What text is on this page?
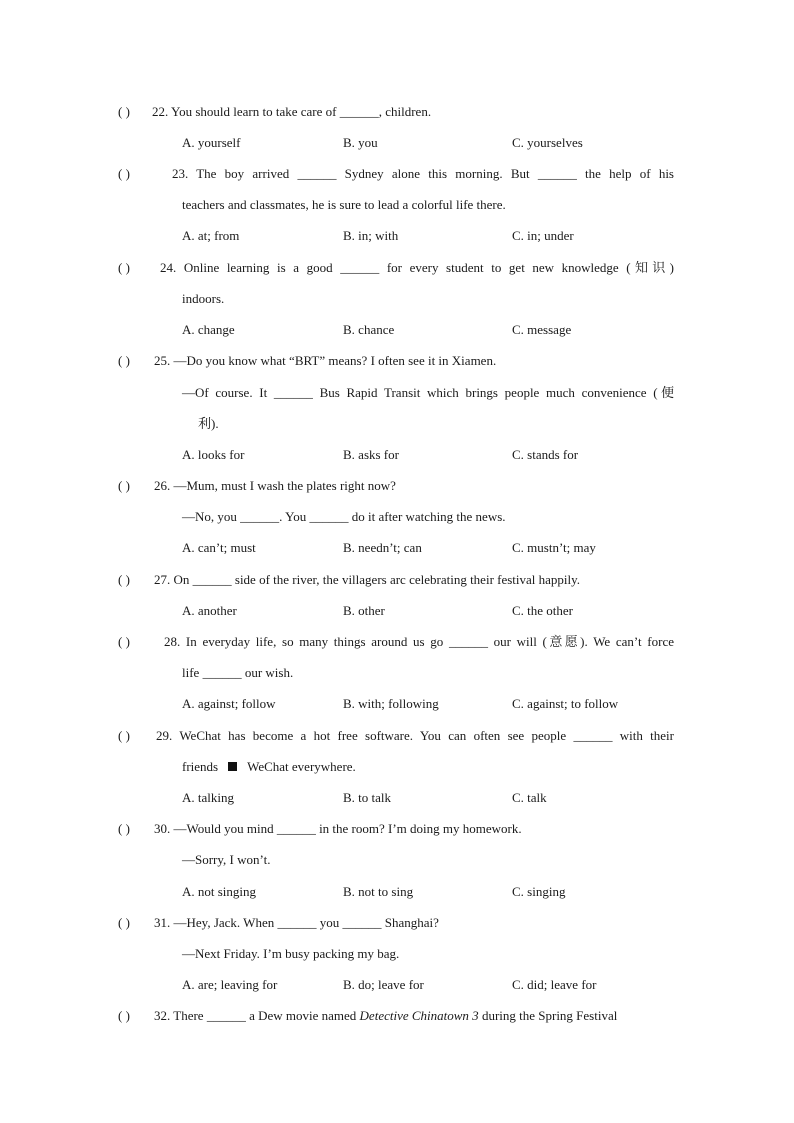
( ) 22. You should learn to take care of ______, children.
A. yourself	B. you	C. yourselves
( )	23. The boy arrived ______ Sydney alone this morning. But ______ the help of his
teachers and classmates, he is sure to lead a colorful life there.
A. at; from	B. in; with	C. in; under
( ) 24. Online learning is a good ______ for every student to get new knowledge (知识)
indoors.
A. change	B. chance	C. message
( ) 25. —Do you know what “BRT” means? I often see it in Xiamen.
—Of course. It ______ Bus Rapid Transit which brings people much convenience (便
利).
A. looks for	B. asks for	C. stands for
( ) 26. —Mum, must I wash the plates right now?
—No, you ______. You ______ do it after watching the news.
A. can’t; must	B. needn’t; can	C. mustn’t; may
( ) 27. On ______ side of the river, the villagers arc celebrating their festival happily.
A. another	B. other	C. the other
( )	28. In everyday life, so many things around us go ______ our will (意愿). We can’t force
life ______ our wish.
A. against; follow	B. with; following	C. against; to follow
( ) 29. WeChat has become a hot free software. You can often see people ______ with their
friends WeChat everywhere.
A. talking	B. to talk	C. talk
( ) 30. —Would you mind ______ in the room? I’m doing my homework.
—Sorry, I won’t.
A. not singing	B. not to sing	C. singing
( ) 31. —Hey, Jack. When ______ you ______ Shanghai?
—Next Friday. I’m busy packing my bag.
A. are; leaving for	B. do; leave for	C. did; leave for
( ) 32. There ______ a Dew movie named Detective Chinatown 3 during the Spring Festival
